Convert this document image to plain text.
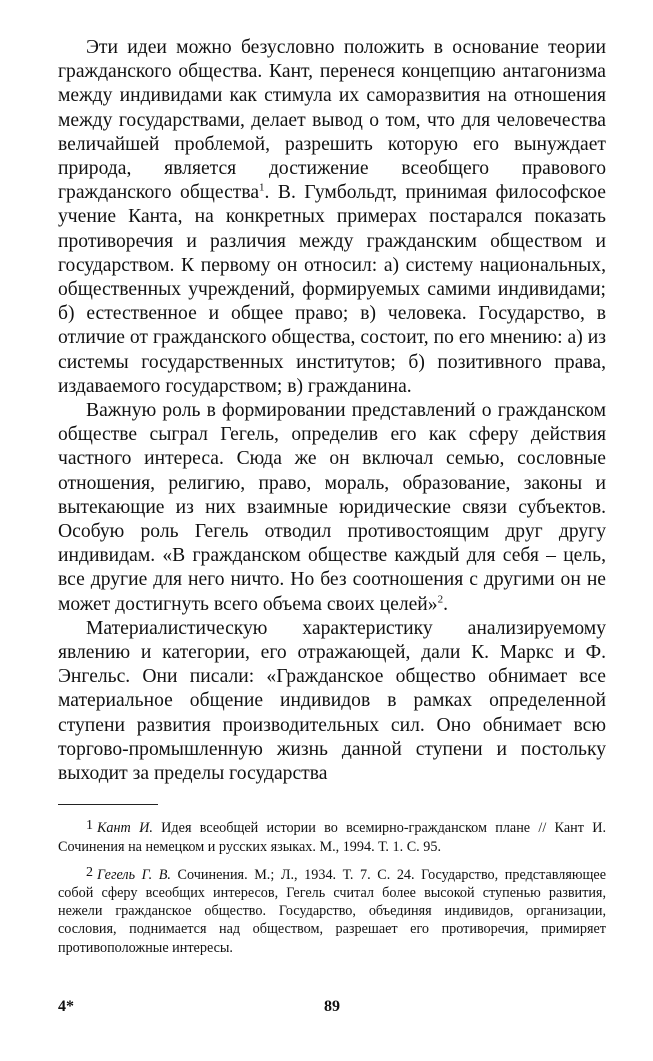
Эти идеи можно безусловно положить в основание теории гражданского общества. Кант, перенеся концепцию антагонизма между индивидами как стимула их саморазвития на отношения между государствами, делает вывод о том, что для человечества величайшей проблемой, разрешить которую его вынуждает природа, является достижение всеобщего правового гражданского общества$^1$. В. Гумбольдт, принимая философское учение Канта, на конкретных примерах постарался показать противоречия и различия между гражданским обществом и государством. К первому он относил: а) систему национальных, общественных учреждений, формируемых самими индивидами; б) естественное и общее право; в) человека. Государство, в отличие от гражданского общества, состоит, по его мнению: а) из системы государственных институтов; б) позитивного права, издаваемого государством; в) гражданина.

Важную роль в формировании представлений о гражданском обществе сыграл Гегель, определив его как сферу действия частного интереса. Сюда же он включал семью, сословные отношения, религию, право, мораль, образование, законы и вытекающие из них взаимные юридические связи субъектов. Особую роль Гегель отводил противостоящим друг другу индивидам. «В гражданском обществе каждый для себя – цель, все другие для него ничто. Но без соотношения с другими он не может достигнуть всего объема своих целей»$^2$.

Материалистическую характеристику анализируемому явлению и категории, его отражающей, дали К. Маркс и Ф. Энгельс. Они писали: «Гражданское общество обнимает все материальное общение индивидов в рамках определенной ступени развития производительных сил. Оно обнимает всю торгово-промышленную жизнь данной ступени и постольку выходит за пределы государства

1 Кант И. Идея всеобщей истории во всемирно-гражданском плане // Кант И. Сочинения на немецком и русских языках. М., 1994. Т. 1. С. 95.

2 Гегель Г. В. Сочинения. М.; Л., 1934. Т. 7. С. 24. Государство, представляющее собой сферу всеобщих интересов, Гегель считал более высокой ступенью развития, нежели гражданское общество. Государство, объединяя индивидов, организации, сословия, поднимается над обществом, разрешает его противоречия, примиряет противоположные интересы.

4*	89
